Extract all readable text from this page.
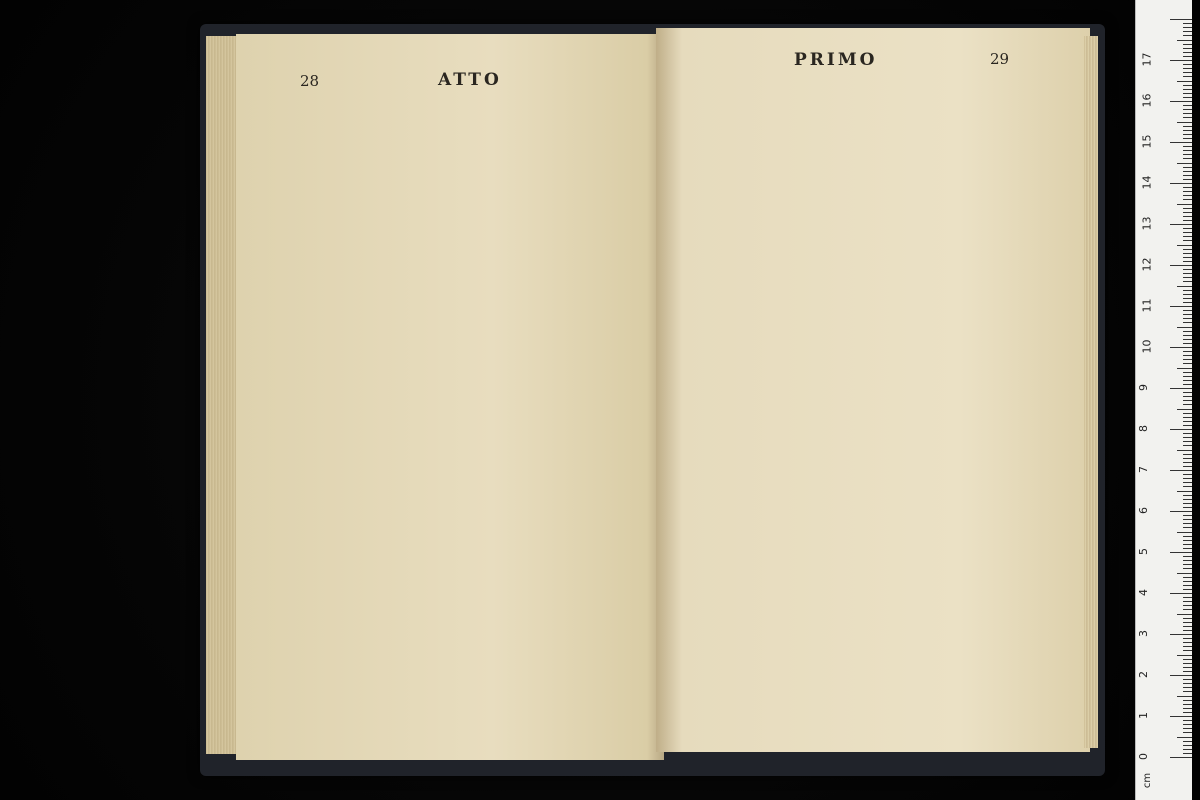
28	ATTO
PRIMO	29
0
1
2
3
4
5
6
7
8
9
10
11
12
13
14
15
16
17
cm
